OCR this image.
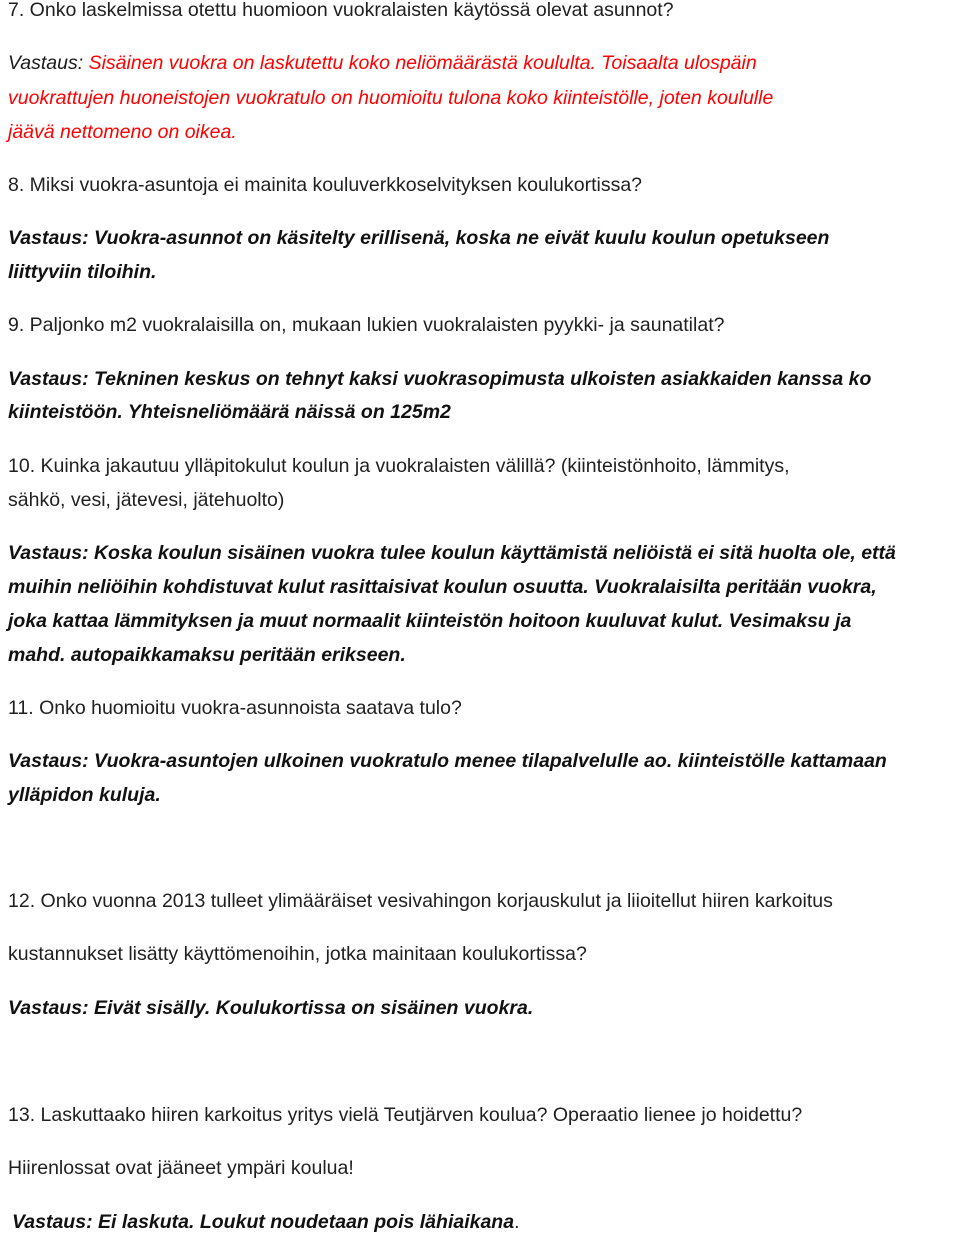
7. Onko laskelmissa otettu huomioon vuokralaisten käytössä olevat asunnot?
Vastaus: Sisäinen vuokra on laskutettu koko neliömäärästä koululta. Toisaalta ulospäin
vuokrattujen huoneistojen vuokratulo on huomioitu tulona koko kiinteistölle, joten koululle
jäävä nettomeno on oikea.
8. Miksi vuokra-asuntoja ei mainita kouluverkkoselvityksen koulukortissa?
Vastaus: Vuokra-asunnot on käsitelty erillisenä, koska ne eivät kuulu koulun opetukseen
liittyviin tiloihin.
9. Paljonko m2 vuokralaisilla on, mukaan lukien vuokralaisten pyykki- ja saunatilat?
Vastaus: Tekninen keskus on tehnyt kaksi vuokrasopimusta ulkoisten asiakkaiden kanssa ko
kiinteistöön. Yhteisneliömäärä näissä on 125m2
10. Kuinka jakautuu ylläpitokulut koulun ja vuokralaisten välillä? (kiinteistönhoito, lämmitys,
sähkö, vesi, jätevesi, jätehuolto)
Vastaus: Koska koulun sisäinen vuokra tulee koulun käyttämistä neliöistä ei sitä huolta ole, että
muihin neliöihin kohdistuvat kulut rasittaisivat koulun osuutta. Vuokralaisilta peritään vuokra,
joka kattaa lämmityksen ja muut normaalit kiinteistön hoitoon kuuluvat kulut. Vesimaksu ja
mahd. autopaikkamaksu peritään erikseen.
11. Onko huomioitu vuokra-asunnoista saatava tulo?
Vastaus: Vuokra-asuntojen ulkoinen vuokratulo menee tilapalvelulle ao. kiinteistölle kattamaan
ylläpidon kuluja.
12. Onko vuonna 2013 tulleet ylimääräiset vesivahingon korjauskulut ja liioitellut hiiren karkoitus
kustannukset lisätty käyttömenoihin, jotka mainitaan koulukortissa?
Vastaus: Eivät sisälly. Koulukortissa on sisäinen vuokra.
13. Laskuttaako hiiren karkoitus yritys vielä Teutjärven koulua? Operaatio lienee jo hoidettu?
Hiirenlossat ovat jääneet ympäri koulua!
Vastaus: Ei laskuta. Loukut noudetaan pois lähiaikana.
